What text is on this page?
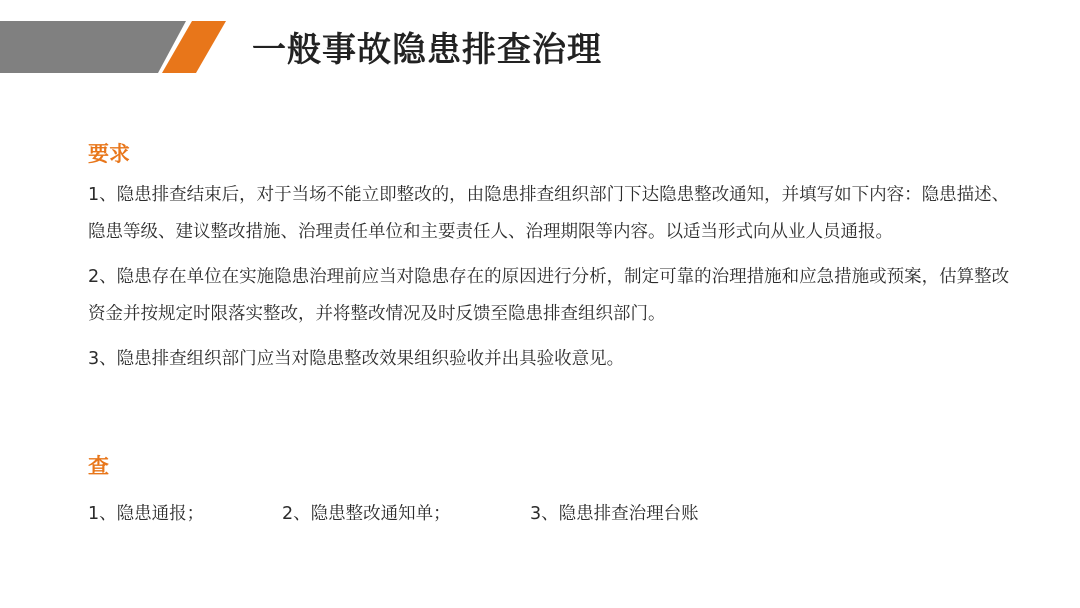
一般事故隐患排查治理
要求
1、隐患排查结束后，对于当场不能立即整改的，由隐患排查组织部门下达隐患整改通知，并填写如下内容：隐患描述、隐患等级、建议整改措施、治理责任单位和主要责任人、治理期限等内容。以适当形式向从业人员通报。
2、隐患存在单位在实施隐患治理前应当对隐患存在的原因进行分析，制定可靠的治理措施和应急措施或预案，估算整改资金并按规定时限落实整改，并将整改情况及时反馈至隐患排查组织部门。
3、隐患排查组织部门应当对隐患整改效果组织验收并出具验收意见。
查
1、隐患通报；	2、隐患整改通知单；	3、隐患排查治理台账
